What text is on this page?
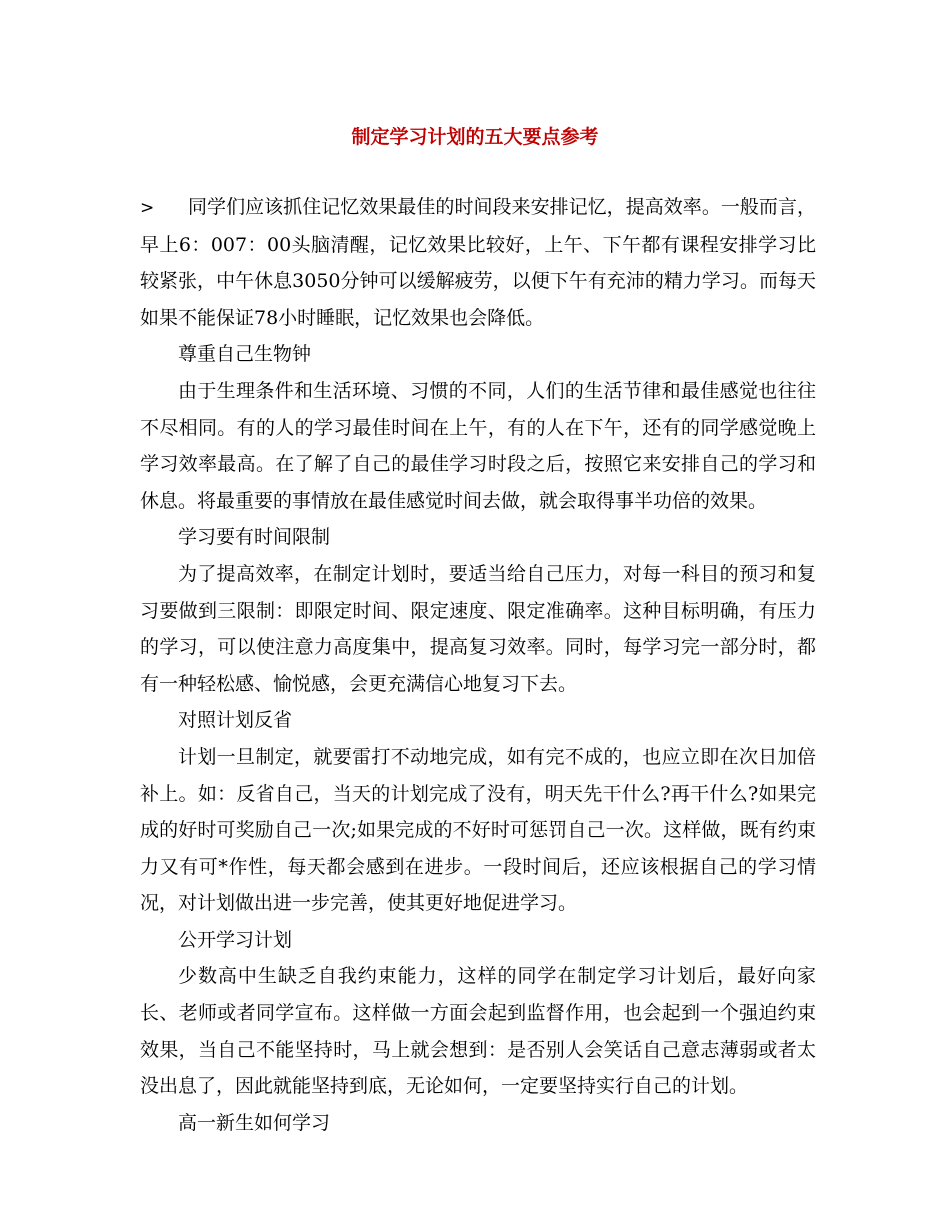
制定学习计划的五大要点参考

> 同学们应该抓住记忆效果最佳的时间段来安排记忆，提高效率。一般而言，早上6：007：00头脑清醒，记忆效果比较好，上午、下午都有课程安排学习比较紧张，中午休息3050分钟可以缓解疲劳，以便下午有充沛的精力学习。而每天如果不能保证78小时睡眠，记忆效果也会降低。

尊重自己生物钟

由于生理条件和生活环境、习惯的不同，人们的生活节律和最佳感觉也往往不尽相同。有的人的学习最佳时间在上午，有的人在下午，还有的同学感觉晚上学习效率最高。在了解了自己的最佳学习时段之后，按照它来安排自己的学习和休息。将最重要的事情放在最佳感觉时间去做，就会取得事半功倍的效果。

学习要有时间限制

为了提高效率，在制定计划时，要适当给自己压力，对每一科目的预习和复习要做到三限制：即限定时间、限定速度、限定准确率。这种目标明确，有压力的学习，可以使注意力高度集中，提高复习效率。同时，每学习完一部分时，都有一种轻松感、愉悦感，会更充满信心地复习下去。

对照计划反省

计划一旦制定，就要雷打不动地完成，如有完不成的，也应立即在次日加倍补上。如：反省自己，当天的计划完成了没有，明天先干什么?再干什么?如果完成的好时可奖励自己一次;如果完成的不好时可惩罚自己一次。这样做，既有约束力又有可*作性，每天都会感到在进步。一段时间后，还应该根据自己的学习情况，对计划做出进一步完善，使其更好地促进学习。

公开学习计划

少数高中生缺乏自我约束能力，这样的同学在制定学习计划后，最好向家长、老师或者同学宣布。这样做一方面会起到监督作用，也会起到一个强迫约束效果，当自己不能坚持时，马上就会想到：是否别人会笑话自己意志薄弱或者太没出息了，因此就能坚持到底，无论如何，一定要坚持实行自己的计划。

高一新生如何学习
